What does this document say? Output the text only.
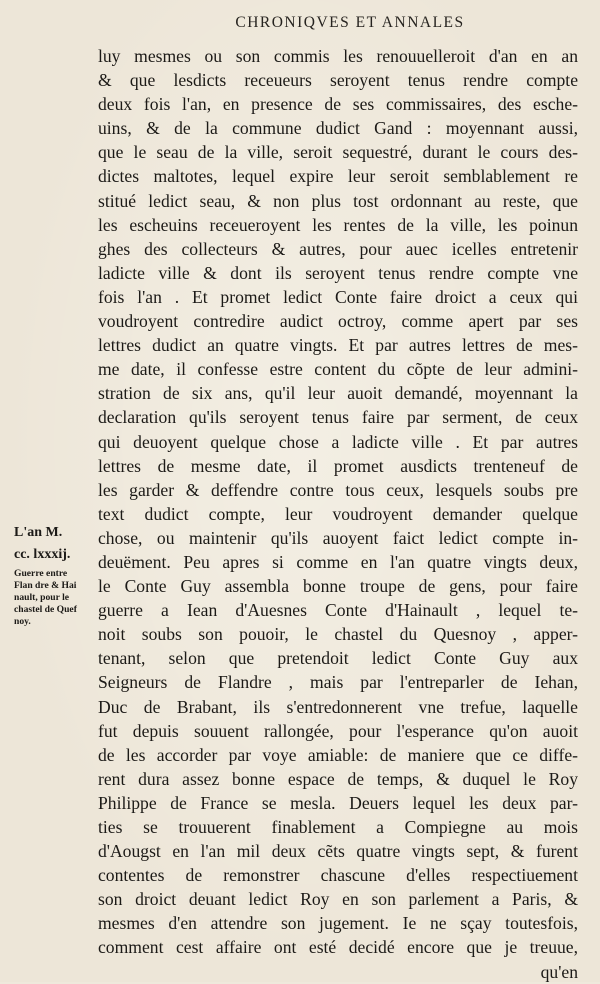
CHRONIQVES ET ANNALES
L'an M.
cc. lxxxij.
Guerre entre
Flan dre & Hai
nault, pour le
chastel de Quef
noy.
luy mesmes ou son commis les renouuelleroit d'an en an
& que lesdicts receueurs seroyent tenus rendre compte
deux fois l'an, en presence de ses commissaires, des esche-
uins, & de la commune dudict Gand : moyennant aussi,
que le seau de la ville, seroit sequestré, durant le cours des-
dictes maltotes, lequel expire leur seroit semblablement re
stitué ledict seau, & non plus tost ordonnant au reste, que
les escheuins receueroyent les rentes de la ville, les poinun
ghes des collecteurs & autres, pour auec icelles entretenir
ladicte ville & dont ils seroyent tenus rendre compte vne
fois l'an . Et promet ledict Conte faire droict a ceux qui
voudroyent contredire audict octroy, comme apert par ses
lettres dudict an quatre vingts. Et par autres lettres de mes-
me date, il confesse estre content du cõpte de leur admini-
stration de six ans, qu'il leur auoit demandé, moyennant la
declaration qu'ils seroyent tenus faire par serment, de ceux
qui deuoyent quelque chose a ladicte ville . Et par autres
lettres de mesme date, il promet ausdicts trenteneuf de
les garder & deffendre contre tous ceux, lesquels soubs pre
text dudict compte, leur voudroyent demander quelque
chose, ou maintenir qu'ils auoyent faict ledict compte in-
deuëment. Peu apres si comme en l'an quatre vingts deux,
le Conte Guy assembla bonne troupe de gens, pour faire
guerre a Iean d'Auesnes Conte d'Hainault , lequel te-
noit soubs son pouoir, le chastel du Quesnoy , apper-
tenant, selon que pretendoit ledict Conte Guy aux
Seigneurs de Flandre , mais par l'entreparler de Iehan,
Duc de Brabant, ils s'entredonnerent vne trefue, laquelle
fut depuis souuent rallongée, pour l'esperance qu'on auoit
de les accorder par voye amiable: de maniere que ce diffe-
rent dura assez bonne espace de temps, & duquel le Roy
Philippe de France se mesla. Deuers lequel les deux par-
ties se trouuerent finablement a Compiegne au mois
d'Aougst en l'an mil deux cẽts quatre vingts sept, & furent
contentes de remonstrer chascune d'elles respectiuement
son droict deuant ledict Roy en son parlement a Paris, &
mesmes d'en attendre son jugement. Ie ne sçay toutesfois,
comment cest affaire ont esté decidé encore que je treuue,
qu'en
